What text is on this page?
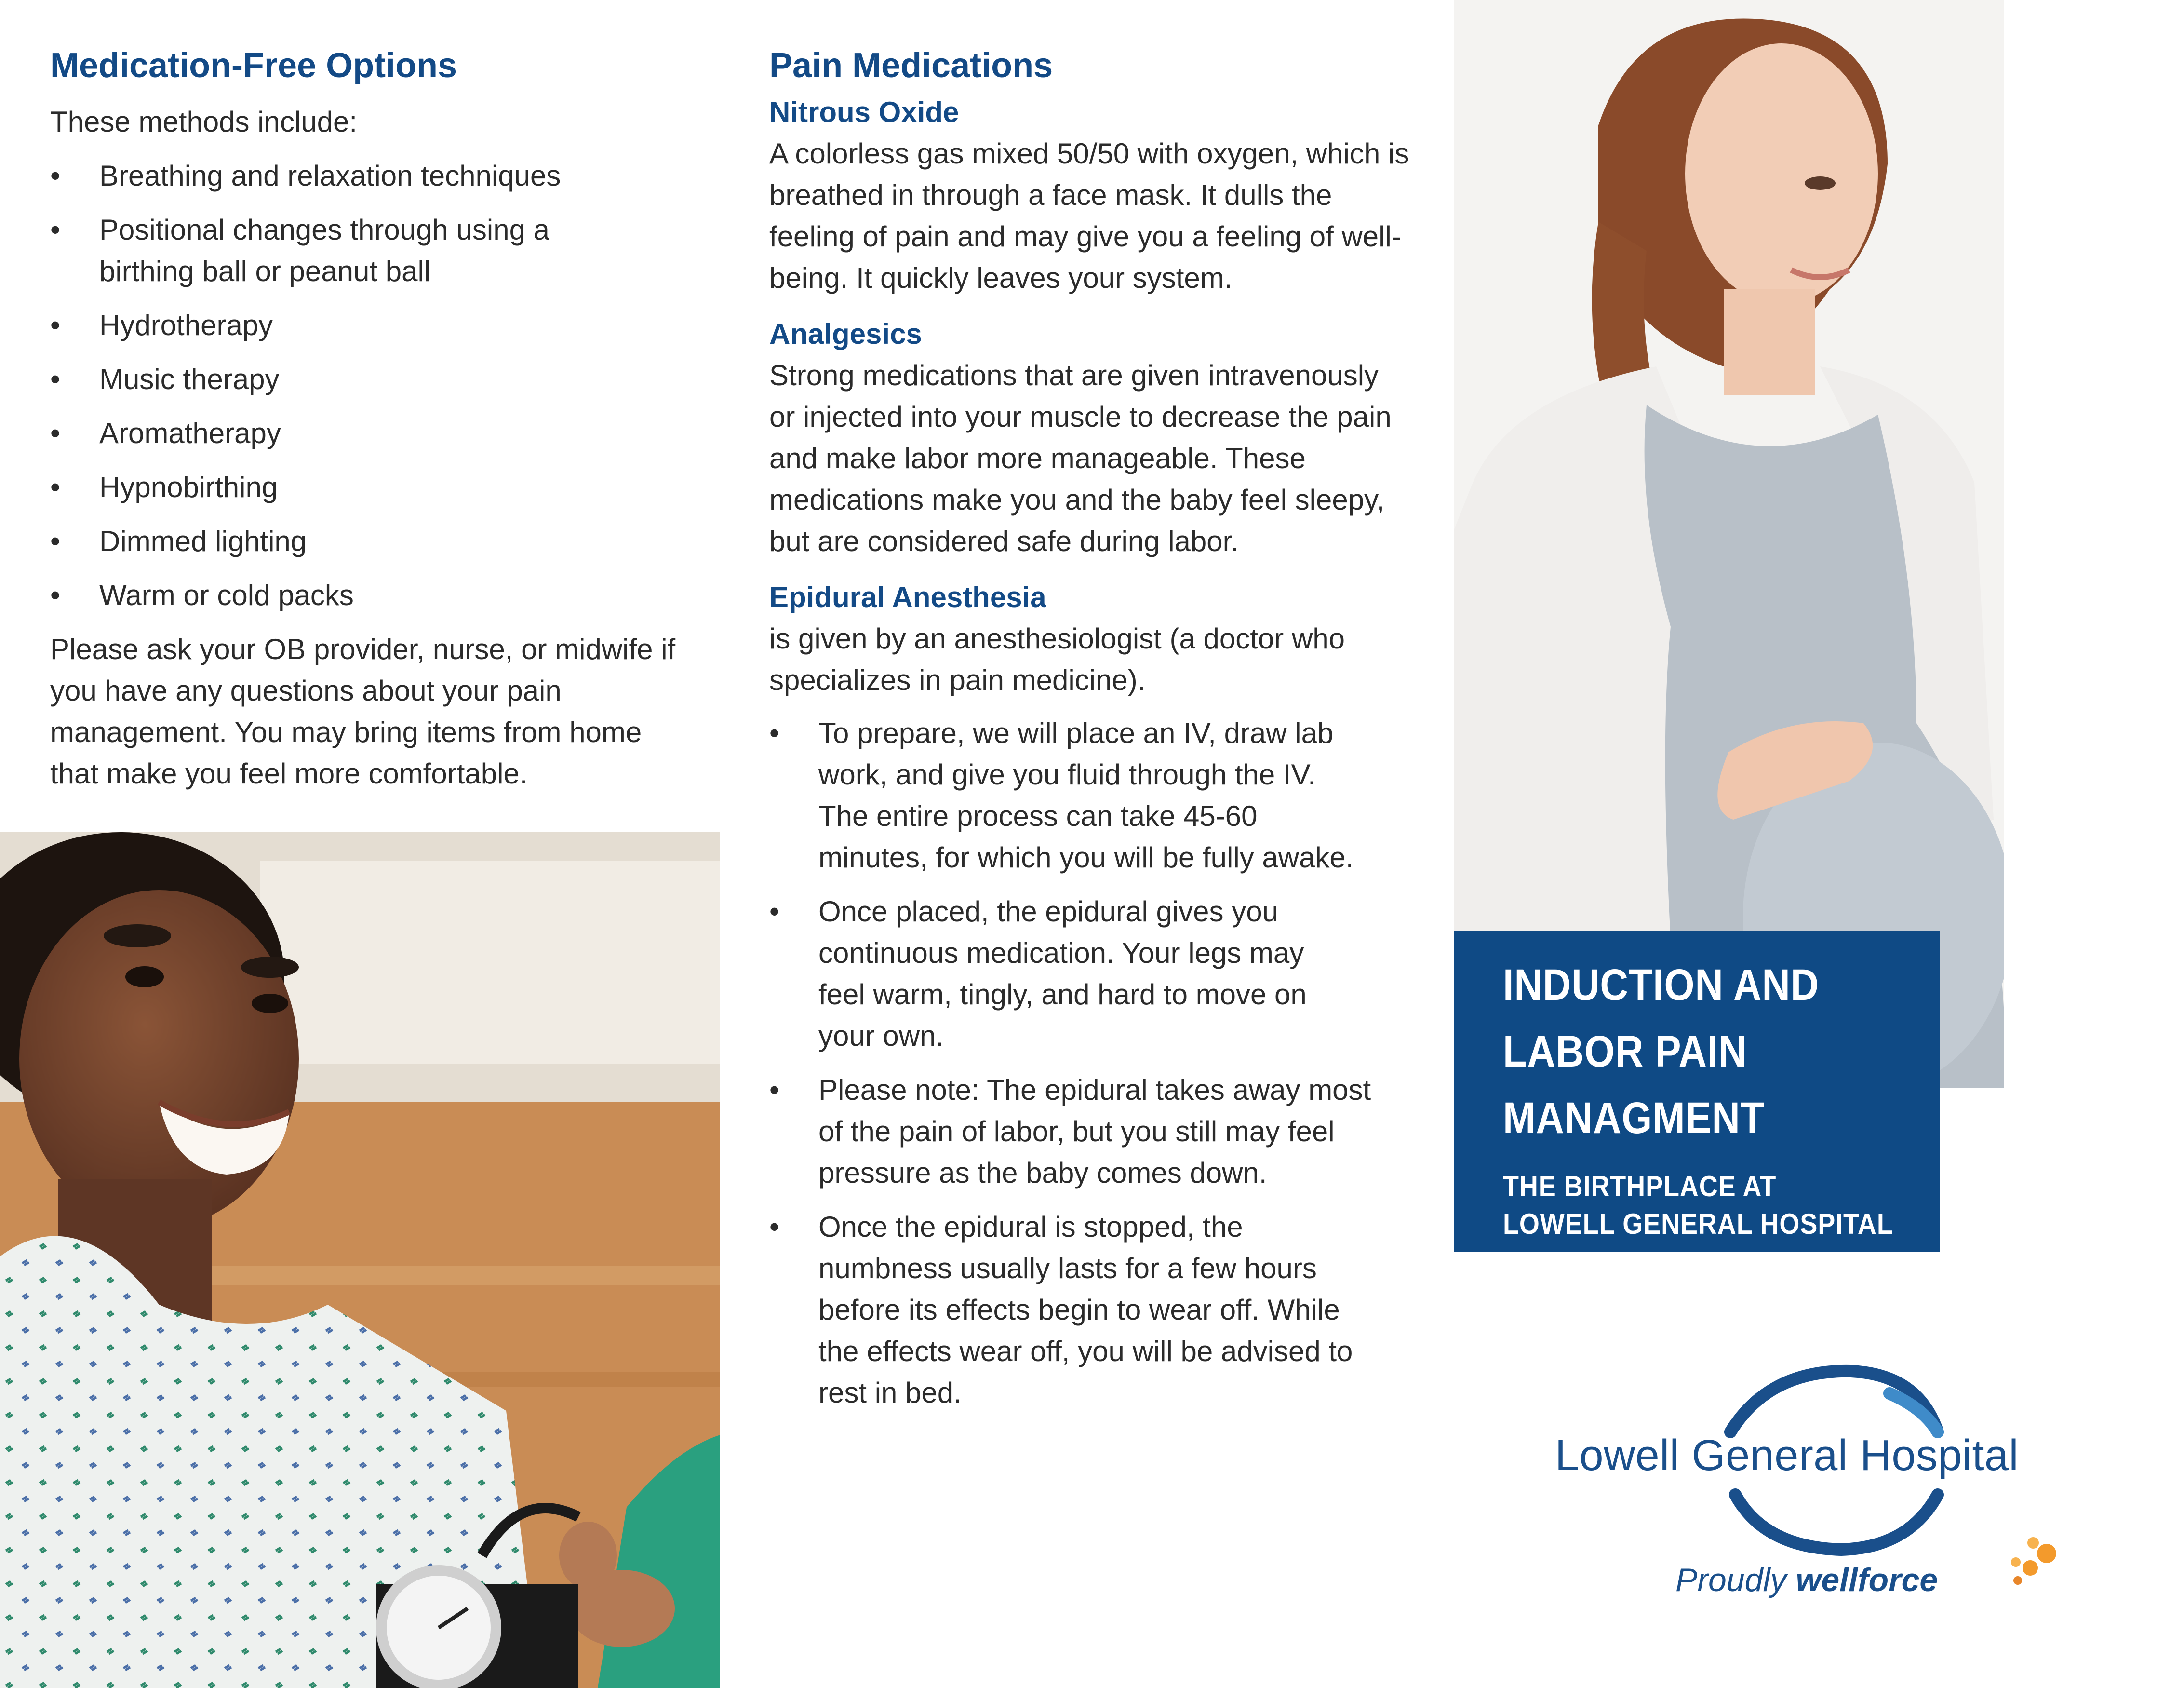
Medication-Free Options

These methods include:

•	Breathing and relaxation techniques
•	Positional changes through using a birthing ball or peanut ball
•	Hydrotherapy
•	Music therapy
•	Aromatherapy
•	Hypnobirthing
•	Dimmed lighting
•	Warm or cold packs

Please ask your OB provider, nurse, or midwife if you have any questions about your pain management. You may bring items from home that make you feel more comfortable.

Pain Medications
Nitrous Oxide

A colorless gas mixed 50/50 with oxygen, which is breathed in through a face mask. It dulls the feeling of pain and may give you a feeling of well-being. It quickly leaves your system.

Analgesics

Strong medications that are given intravenously or injected into your muscle to decrease the pain and make labor more manageable. These medications make you and the baby feel sleepy, but are considered safe during labor.

Epidural Anesthesia

is given by an anesthesiologist (a doctor who specializes in pain medicine).

•	To prepare, we will place an IV, draw lab work, and give you fluid through the IV. The entire process can take 45-60 minutes, for which you will be fully awake.
•	Once placed, the epidural gives you continuous medication. Your legs may feel warm, tingly, and hard to move on your own.
•	Please note: The epidural takes away most of the pain of labor, but you still may feel pressure as the baby comes down.
•	Once the epidural is stopped, the numbness usually lasts for a few hours before its effects begin to wear off. While the effects wear off, you will be advised to rest in bed.
INDUCTION AND
LABOR PAIN
MANAGMENT
THE BIRTHPLACE AT
LOWELL GENERAL HOSPITAL
Lowell General Hospital
Proudly wellforce
